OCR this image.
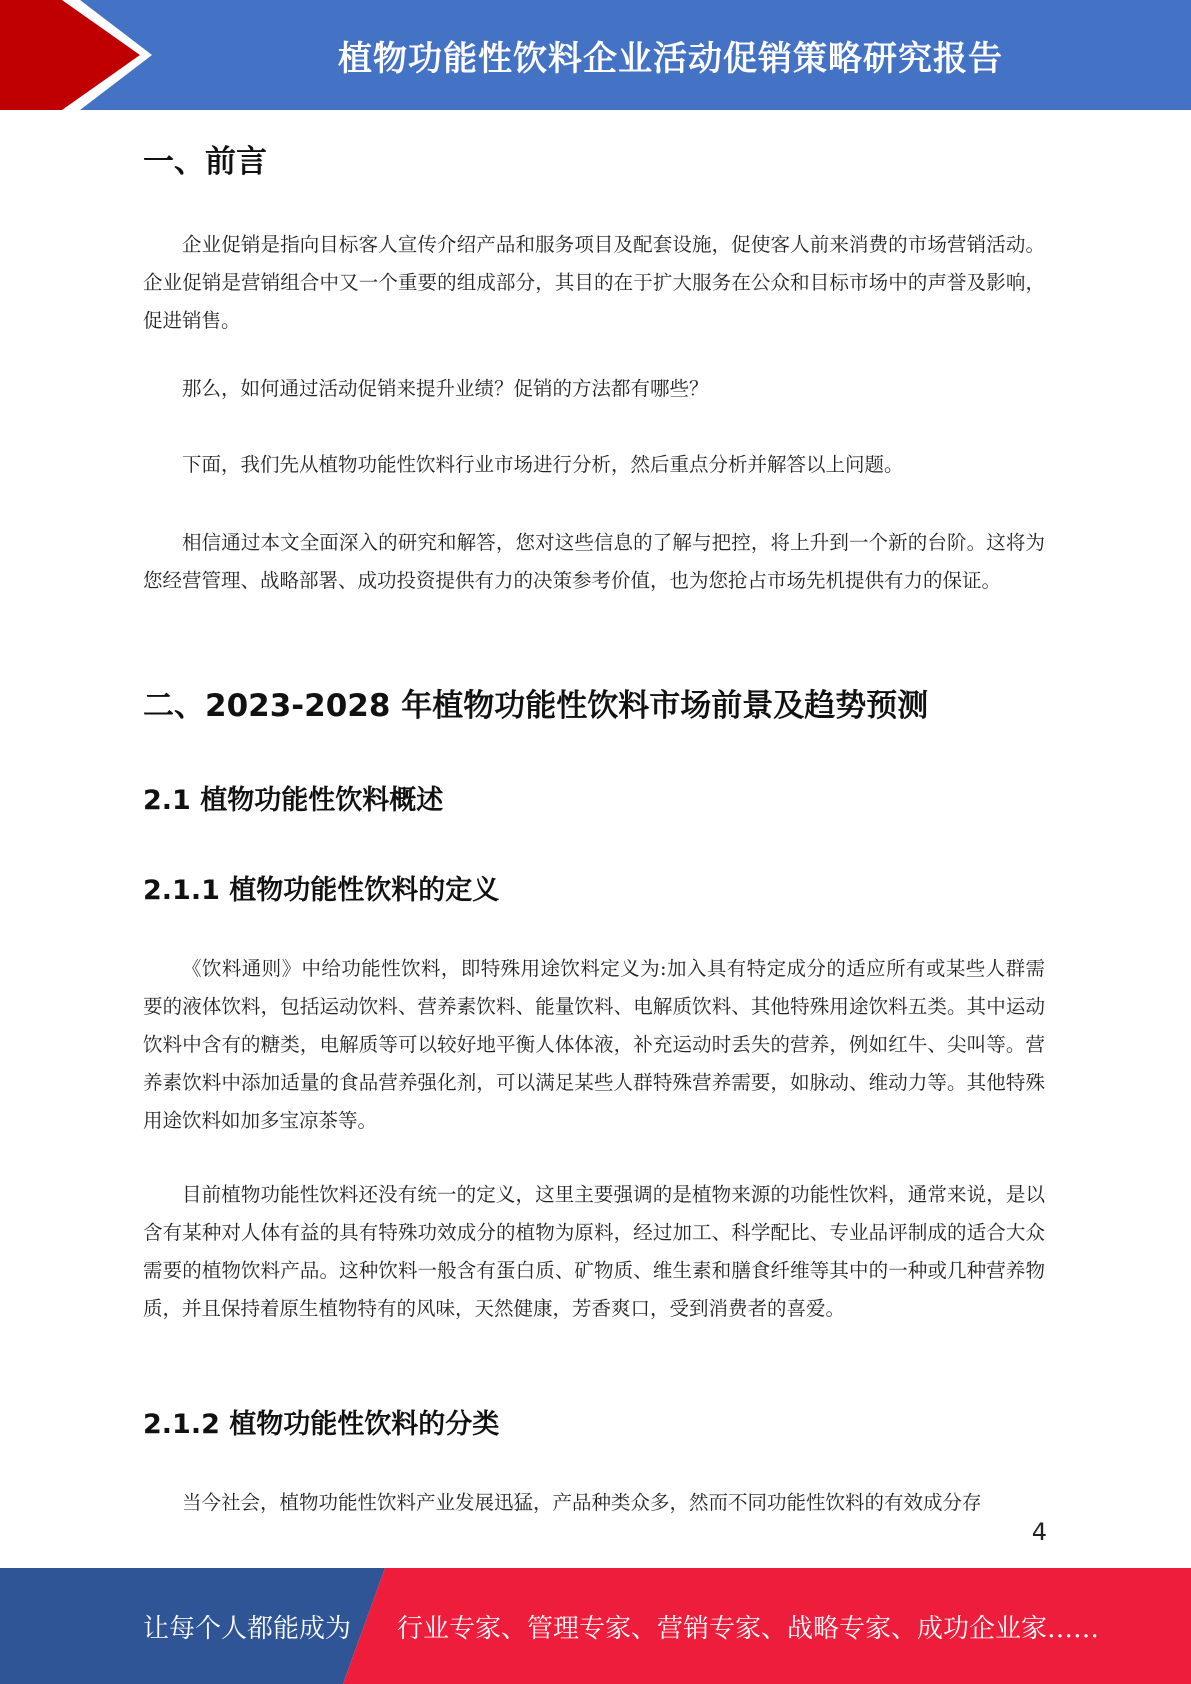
植物功能性饮料企业活动促销策略研究报告
一、前言

企业促销是指向目标客人宣传介绍产品和服务项目及配套设施，促使客人前来消费的市场营销活动。企业促销是营销组合中又一个重要的组成部分，其目的在于扩大服务在公众和目标市场中的声誉及影响，促进销售。

那么，如何通过活动促销来提升业绩？促销的方法都有哪些？

下面，我们先从植物功能性饮料行业市场进行分析，然后重点分析并解答以上问题。

相信通过本文全面深入的研究和解答，您对这些信息的了解与把控，将上升到一个新的台阶。这将为您经营管理、战略部署、成功投资提供有力的决策参考价值，也为您抢占市场先机提供有力的保证。

二、2023-2028 年植物功能性饮料市场前景及趋势预测
2.1 植物功能性饮料概述
2.1.1 植物功能性饮料的定义

《饮料通则》中给功能性饮料，即特殊用途饮料定义为:加入具有特定成分的适应所有或某些人群需要的液体饮料，包括运动饮料、营养素饮料、能量饮料、电解质饮料、其他特殊用途饮料五类。其中运动饮料中含有的糖类，电解质等可以较好地平衡人体体液，补充运动时丢失的营养，例如红牛、尖叫等。营养素饮料中添加适量的食品营养强化剂，可以满足某些人群特殊营养需要，如脉动、维动力等。其他特殊用途饮料如加多宝凉茶等。

目前植物功能性饮料还没有统一的定义，这里主要强调的是植物来源的功能性饮料，通常来说，是以含有某种对人体有益的具有特殊功效成分的植物为原料，经过加工、科学配比、专业品评制成的适合大众需要的植物饮料产品。这种饮料一般含有蛋白质、矿物质、维生素和膳食纤维等其中的一种或几种营养物质，并且保持着原生植物特有的风味，天然健康，芳香爽口，受到消费者的喜爱。

2.1.2 植物功能性饮料的分类

当今社会，植物功能性饮料产业发展迅猛，产品种类众多，然而不同功能性饮料的有效成分存

4
让每个人都能成为 行业专家、管理专家、营销专家、战略专家、成功企业家……
